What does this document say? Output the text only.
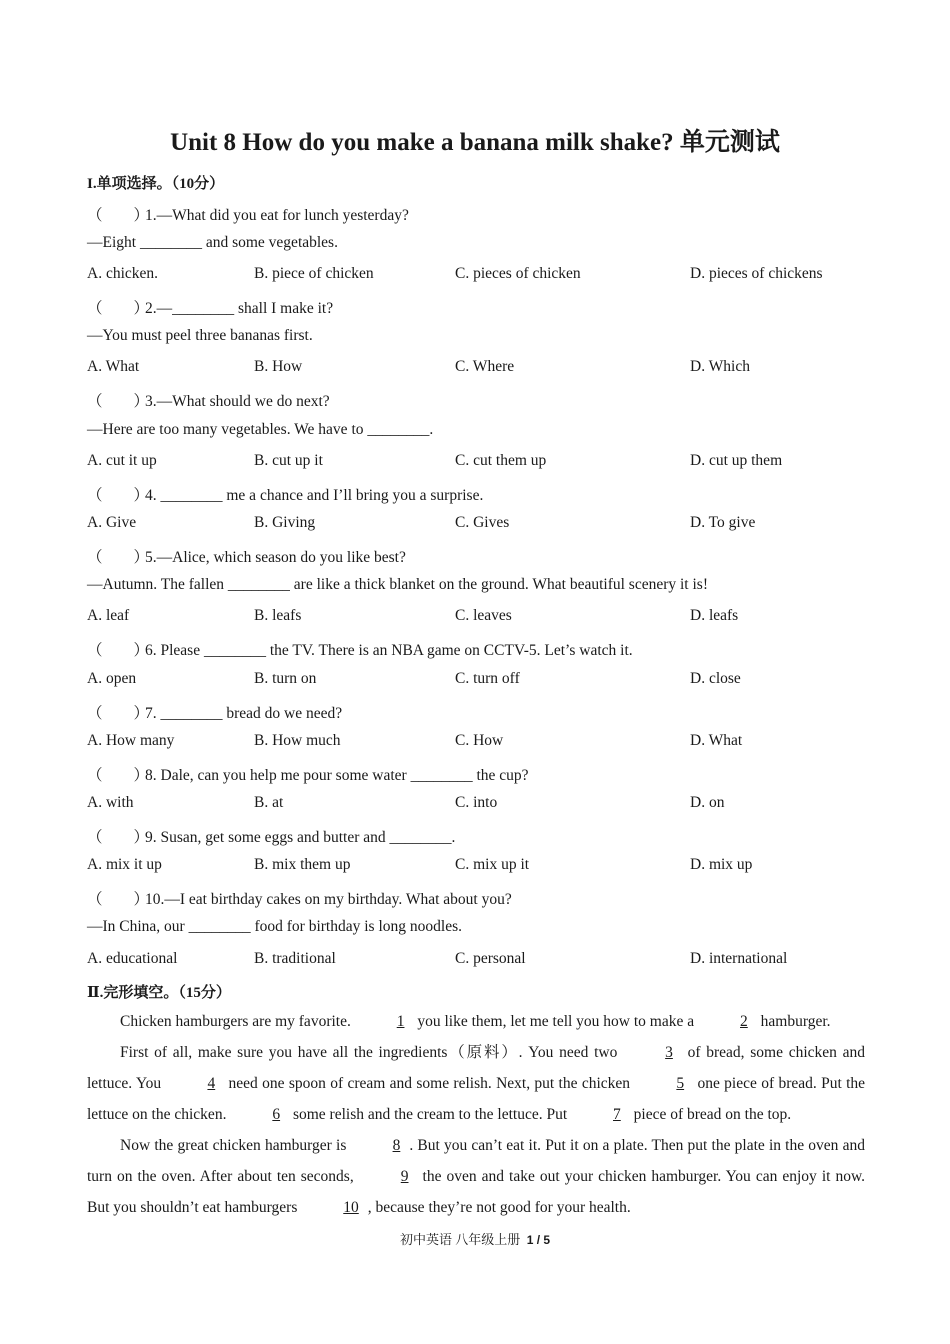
Unit 8 How do you make a banana milk shake? 单元测试
I.单项选择。（10分）
（　　）1.—What did you eat for lunch yesterday?
—Eight ________ and some vegetables.
A. chicken.	B. piece of chicken	C. pieces of chicken	D. pieces of chickens
（　　）2.—________ shall I make it?
—You must peel three bananas first.
A. What	B. How	C. Where	D. Which
（　　）3.—What should we do next?
—Here are too many vegetables. We have to ________.
A. cut it up	B. cut up it	C. cut them up	D. cut up them
（　　）4. ________ me a chance and I’ll bring you a surprise.
A. Give	B. Giving	C. Gives	D. To give
（　　）5.—Alice, which season do you like best?
—Autumn. The fallen ________ are like a thick blanket on the ground. What beautiful scenery it is!
A. leaf	B. leafs	C. leaves	D. leafs
（　　）6. Please ________ the TV. There is an NBA game on CCTV-5. Let’s watch it.
A. open	B. turn on	C. turn off	D. close
（　　）7. ________ bread do we need?
A. How many	B. How much	C. How	D. What
（　　）8. Dale, can you help me pour some water ________ the cup?
A. with	B. at	C. into	D. on
（　　）9. Susan, get some eggs and butter and ________.
A. mix it up	B. mix them up	C. mix up it	D. mix up
（　　）10.—I eat birthday cakes on my birthday. What about you?
—In China, our ________ food for birthday is long noodles.
A. educational	B. traditional	C. personal	D. international
Ⅱ.完形填空。（15分）
Chicken hamburgers are my favorite.	1 you like them, let me tell you how to make a	2 hamburger.
First of all, make sure you have all the ingredients（原料）. You need two	3 of bread, some chicken and lettuce. You	4 need one spoon of cream and some relish. Next, put the chicken	5 one piece of bread. Put the lettuce on the chicken.	6 some relish and the cream to the lettuce. Put	7 piece of bread on the top.
Now the great chicken hamburger is	8 . But you can’t eat it. Put it on a plate. Then put the plate in the oven and turn on the oven. After about ten seconds,	9 the oven and take out your chicken hamburger. You can enjoy it now. But you shouldn’t eat hamburgers	10 , because they’re not good for your health.
初中英语 八年级上册 1 / 5
